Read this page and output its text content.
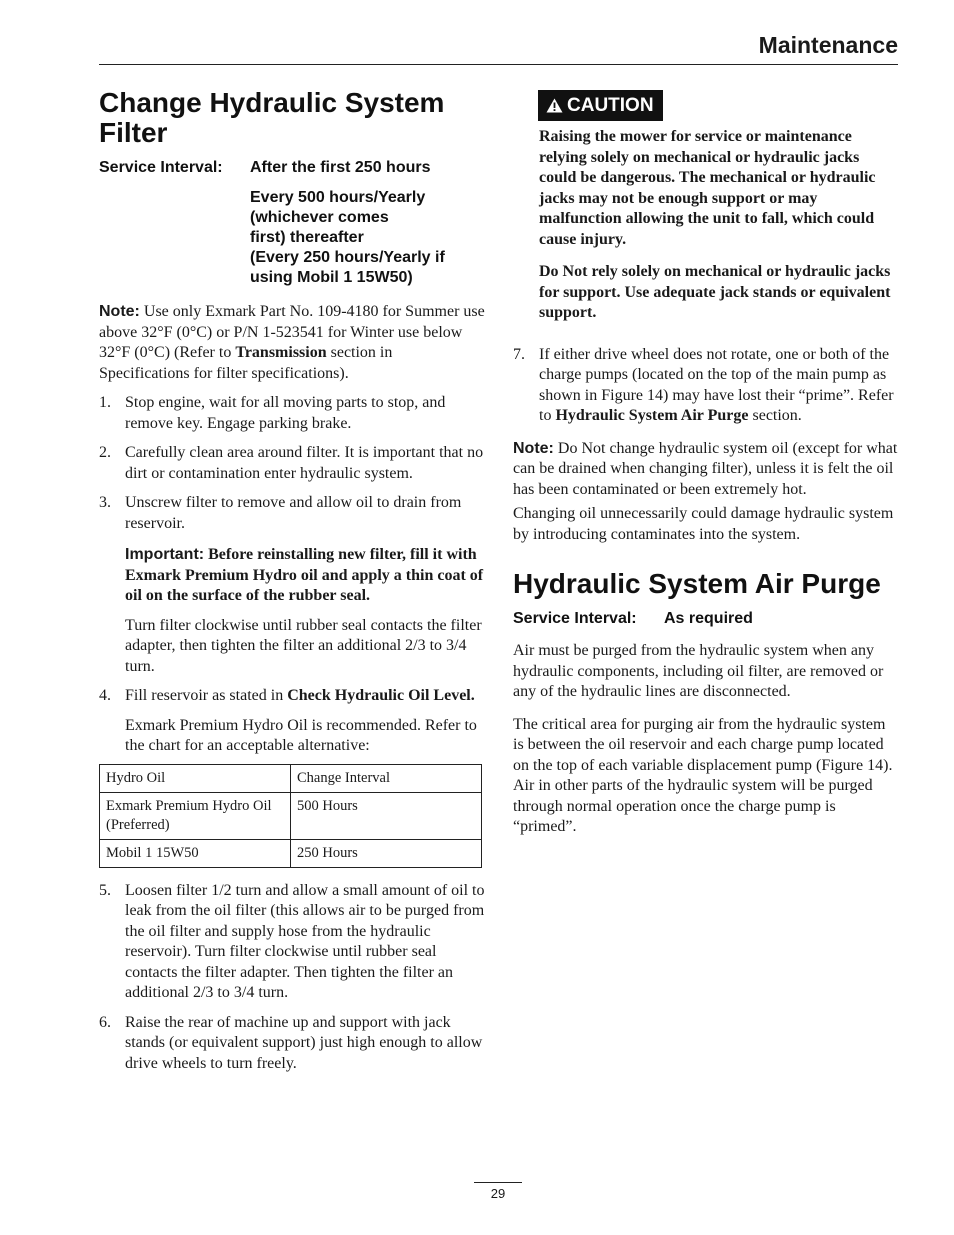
Maintenance
Change Hydraulic System
Filter
Service Interval:	After the first 250 hours
Every 500 hours/Yearly
(whichever comes
first) thereafter
(Every 250 hours/Yearly if
using Mobil 1 15W50)

Note: Use only Exmark Part No. 109-4180 for Summer use above 32°F (0°C) or P/N 1-523541 for Winter use below 32°F (0°C) (Refer to Transmission section in Specifications for filter specifications).

1. Stop engine, wait for all moving parts to stop, and remove key. Engage parking brake.
2. Carefully clean area around filter. It is important that no dirt or contamination enter hydraulic system.
3. Unscrew filter to remove and allow oil to drain from reservoir.

Important: Before reinstalling new filter, fill it with Exmark Premium Hydro oil and apply a thin coat of oil on the surface of the rubber seal.

Turn filter clockwise until rubber seal contacts the filter adapter, then tighten the filter an additional 2/3 to 3/4 turn.

4. Fill reservoir as stated in Check Hydraulic Oil Level.

Exmark Premium Hydro Oil is recommended. Refer to the chart for an acceptable alternative:

Hydro Oil	Change Interval
Exmark Premium Hydro Oil (Preferred)	500 Hours
Mobil 1 15W50	250 Hours
5. Loosen filter 1/2 turn and allow a small amount of oil to leak from the oil filter (this allows air to be purged from the oil filter and supply hose from the hydraulic reservoir). Turn filter clockwise until rubber seal contacts the filter adapter. Then tighten the filter an additional 2/3 to 3/4 turn.
6. Raise the rear of machine up and support with jack stands (or equivalent support) just high enough to allow drive wheels to turn freely.
CAUTION

Raising the mower for service or maintenance relying solely on mechanical or hydraulic jacks could be dangerous. The mechanical or hydraulic jacks may not be enough support or may malfunction allowing the unit to fall, which could cause injury.

Do Not rely solely on mechanical or hydraulic jacks for support. Use adequate jack stands or equivalent support.

7. If either drive wheel does not rotate, one or both of the charge pumps (located on the top of the main pump as shown in Figure 14) may have lost their “prime”. Refer to Hydraulic System Air Purge section.

Note: Do Not change hydraulic system oil (except for what can be drained when changing filter), unless it is felt the oil has been contaminated or been extremely hot.

Changing oil unnecessarily could damage hydraulic system by introducing contaminates into the system.

Hydraulic System Air Purge
Service Interval:	As required

Air must be purged from the hydraulic system when any hydraulic components, including oil filter, are removed or any of the hydraulic lines are disconnected.

The critical area for purging air from the hydraulic system is between the oil reservoir and each charge pump located on the top of each variable displacement pump (Figure 14). Air in other parts of the hydraulic system will be purged through normal operation once the charge pump is “primed”.

29
